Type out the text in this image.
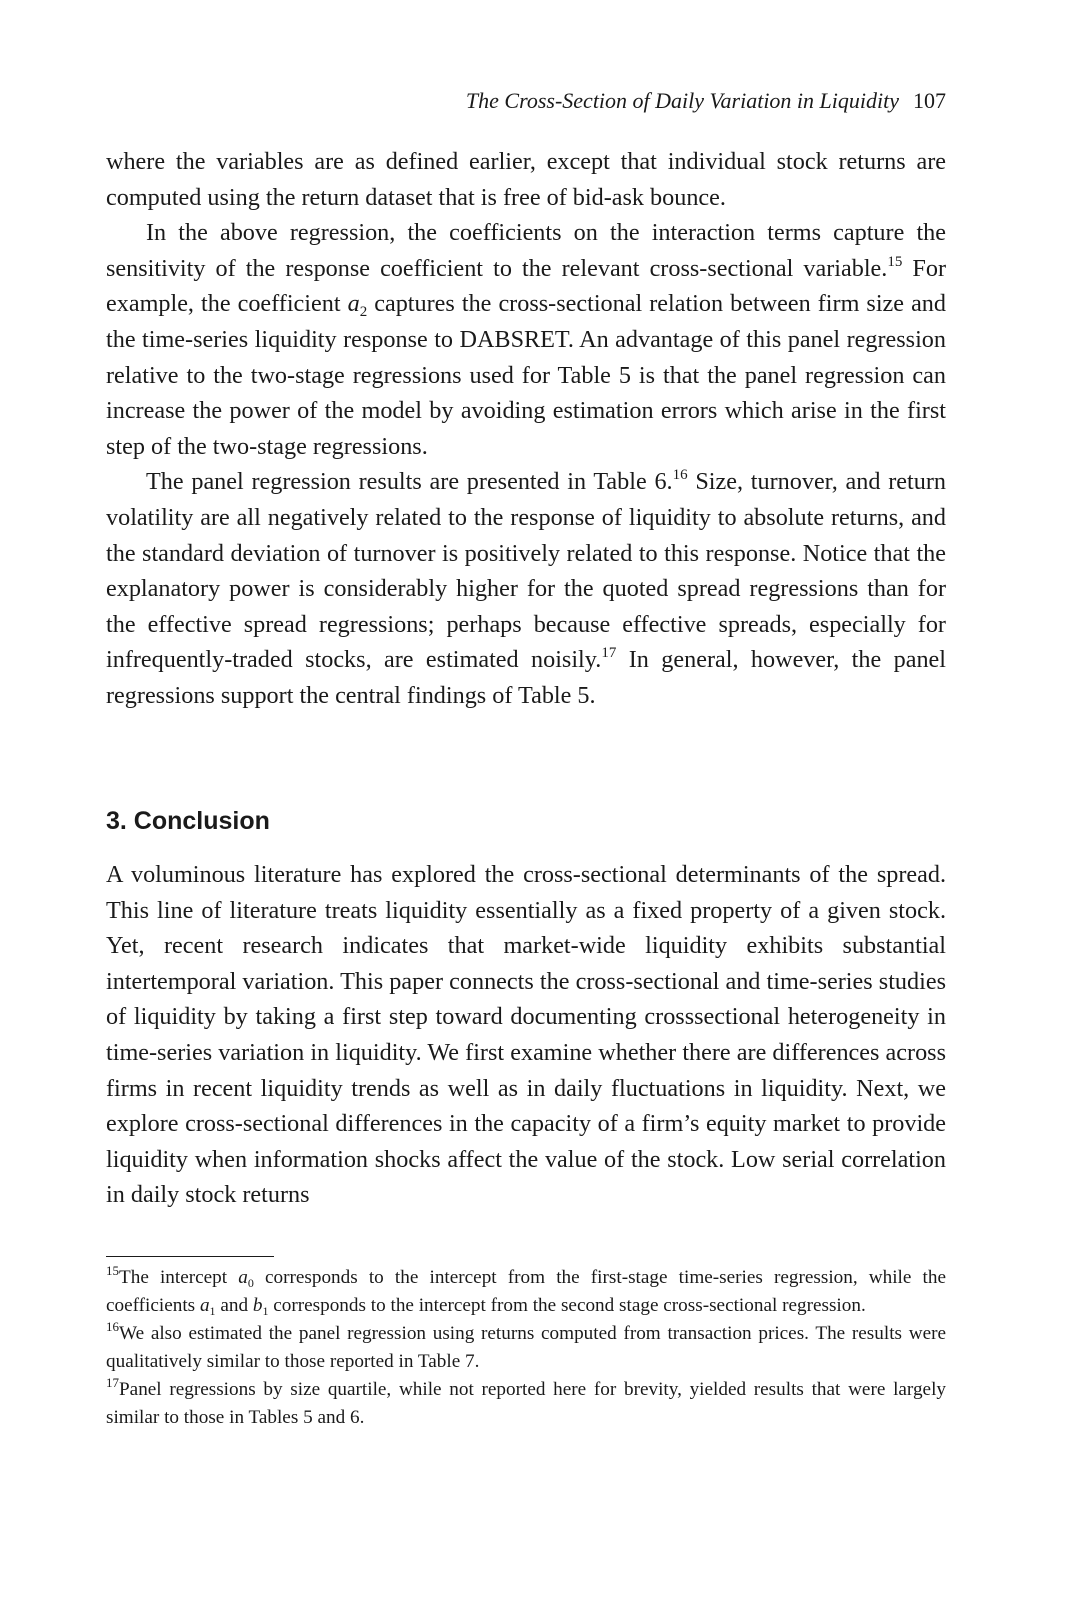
The Cross-Section of Daily Variation in Liquidity 107

where the variables are as defined earlier, except that individual stock returns are computed using the return dataset that is free of bid-ask bounce.

In the above regression, the coefficients on the interaction terms capture the sensitivity of the response coefficient to the relevant cross-sectional variable.$^{15}$ For example, the coefficient $a_2$ captures the cross-sectional relation between firm size and the time-series liquidity response to DABSRET. An advantage of this panel regression relative to the two-stage regressions used for Table 5 is that the panel regression can increase the power of the model by avoiding estimation errors which arise in the first step of the two-stage regressions.

The panel regression results are presented in Table 6.16 Size, turnover, and return volatility are all negatively related to the response of liquidity to absolute returns, and the standard deviation of turnover is positively related to this response. Notice that the explanatory power is considerably higher for the quoted spread regressions than for the effective spread regressions; perhaps because effective spreads, especially for infrequently-traded stocks, are estimated noisily.$^{17}$ In general, however, the panel regressions support the central findings of Table 5.

3. Conclusion

A voluminous literature has explored the cross-sectional determinants of the spread. This line of literature treats liquidity essentially as a fixed property of a given stock. Yet, recent research indicates that market-wide liquidity exhibits substantial intertemporal variation. This paper connects the cross-sectional and time-series studies of liquidity by taking a first step toward documenting crosssectional heterogeneity in time-series variation in liquidity. We first examine whether there are differences across firms in recent liquidity trends as well as in daily fluctuations in liquidity. Next, we explore cross-sectional differences in the capacity of a firm’s equity market to provide liquidity when information shocks affect the value of the stock. Low serial correlation in daily stock returns

$^{15}$The intercept $a_0$ corresponds to the intercept from the first-stage time-series regression, while the coefficients $a_1$ and $b_1$ corresponds to the intercept from the second stage cross-sectional regression.

$^{16}$We also estimated the panel regression using returns computed from transaction prices. The results were qualitatively similar to those reported in Table 7.

$^{17}$Panel regressions by size quartile, while not reported here for brevity, yielded results that were largely similar to those in Tables 5 and 6.
